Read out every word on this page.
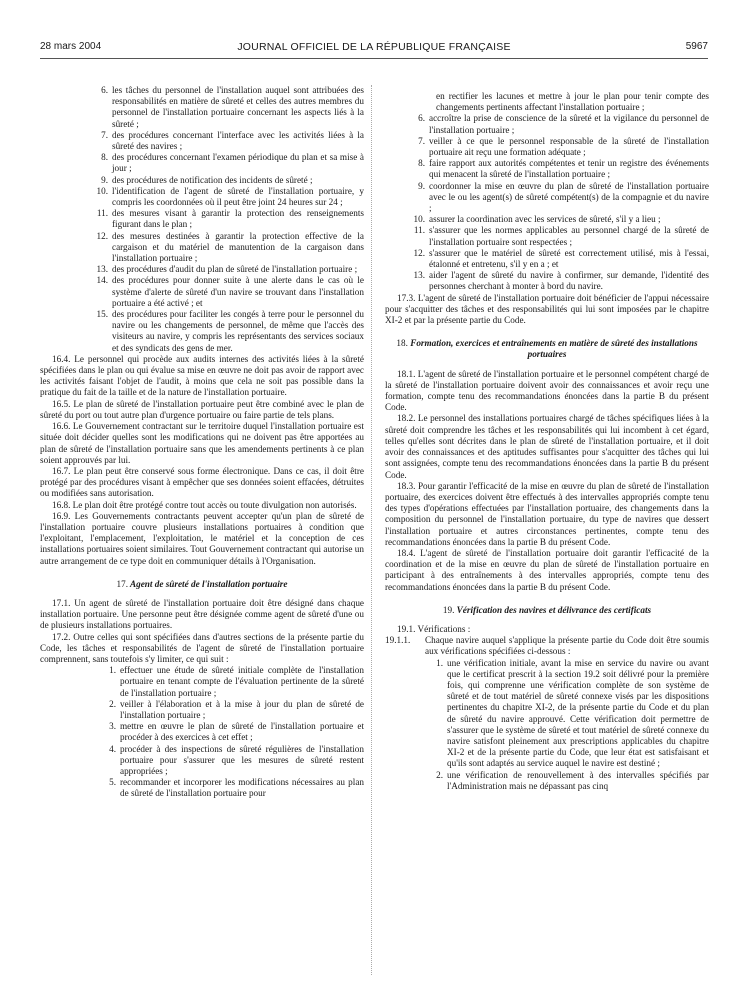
28 mars 2004	JOURNAL OFFICIEL DE LA RÉPUBLIQUE FRANÇAISE	5967
6. les tâches du personnel de l'installation auquel sont attribuées des responsabilités en matière de sûreté et celles des autres membres du personnel de l'installation portuaire concernant les aspects liés à la sûreté ;
7. des procédures concernant l'interface avec les activités liées à la sûreté des navires ;
8. des procédures concernant l'examen périodique du plan et sa mise à jour ;
9. des procédures de notification des incidents de sûreté ;
10. l'identification de l'agent de sûreté de l'installation portuaire, y compris les coordonnées où il peut être joint 24 heures sur 24 ;
11. des mesures visant à garantir la protection des renseignements figurant dans le plan ;
12. des mesures destinées à garantir la protection effective de la cargaison et du matériel de manutention de la cargaison dans l'installation portuaire ;
13. des procédures d'audit du plan de sûreté de l'installation portuaire ;
14. des procédures pour donner suite à une alerte dans le cas où le système d'alerte de sûreté d'un navire se trouvant dans l'installation portuaire a été activé ; et
15. des procédures pour faciliter les congés à terre pour le personnel du navire ou les changements de personnel, de même que l'accès des visiteurs au navire, y compris les représentants des services sociaux et des syndicats des gens de mer.

16.4. Le personnel qui procède aux audits internes des activités liées à la sûreté spécifiées dans le plan ou qui évalue sa mise en œuvre ne doit pas avoir de rapport avec les activités faisant l'objet de l'audit, à moins que cela ne soit pas possible dans la pratique du fait de la taille et de la nature de l'installation portuaire.

16.5. Le plan de sûreté de l'installation portuaire peut être combiné avec le plan de sûreté du port ou tout autre plan d'urgence portuaire ou faire partie de tels plans.

16.6. Le Gouvernement contractant sur le territoire duquel l'installation portuaire est située doit décider quelles sont les modifications qui ne doivent pas être apportées au plan de sûreté de l'installation portuaire sans que les amendements pertinents à ce plan soient approuvés par lui.

16.7. Le plan peut être conservé sous forme électronique. Dans ce cas, il doit être protégé par des procédures visant à empêcher que ses données soient effacées, détruites ou modifiées sans autorisation.

16.8. Le plan doit être protégé contre tout accès ou toute divulgation non autorisés.

16.9. Les Gouvernements contractants peuvent accepter qu'un plan de sûreté de l'installation portuaire couvre plusieurs installations portuaires à condition que l'exploitant, l'emplacement, l'exploitation, le matériel et la conception de ces installations portuaires soient similaires. Tout Gouvernement contractant qui autorise un autre arrangement de ce type doit en communiquer détails à l'Organisation.

17. Agent de sûreté de l'installation portuaire

17.1. Un agent de sûreté de l'installation portuaire doit être désigné dans chaque installation portuaire. Une personne peut être désignée comme agent de sûreté d'une ou de plusieurs installations portuaires.

17.2. Outre celles qui sont spécifiées dans d'autres sections de la présente partie du Code, les tâches et responsabilités de l'agent de sûreté de l'installation portuaire comprennent, sans toutefois s'y limiter, ce qui suit :

1. effectuer une étude de sûreté initiale complète de l'installation portuaire en tenant compte de l'évaluation pertinente de la sûreté de l'installation portuaire ;
2. veiller à l'élaboration et à la mise à jour du plan de sûreté de l'installation portuaire ;
3. mettre en œuvre le plan de sûreté de l'installation portuaire et procéder à des exercices à cet effet ;
4. procéder à des inspections de sûreté régulières de l'installation portuaire pour s'assurer que les mesures de sûreté restent appropriées ;
5. recommander et incorporer les modifications nécessaires au plan de sûreté de l'installation portuaire pour
en rectifier les lacunes et mettre à jour le plan pour tenir compte des changements pertinents affectant l'installation portuaire ;
6. accroître la prise de conscience de la sûreté et la vigilance du personnel de l'installation portuaire ;
7. veiller à ce que le personnel responsable de la sûreté de l'installation portuaire ait reçu une formation adéquate ;
8. faire rapport aux autorités compétentes et tenir un registre des événements qui menacent la sûreté de l'installation portuaire ;
9. coordonner la mise en œuvre du plan de sûreté de l'installation portuaire avec le ou les agent(s) de sûreté compétent(s) de la compagnie et du navire ;
10. assurer la coordination avec les services de sûreté, s'il y a lieu ;
11. s'assurer que les normes applicables au personnel chargé de la sûreté de l'installation portuaire sont respectées ;
12. s'assurer que le matériel de sûreté est correctement utilisé, mis à l'essai, étalonné et entretenu, s'il y en a ; et
13. aider l'agent de sûreté du navire à confirmer, sur demande, l'identité des personnes cherchant à monter à bord du navire.

17.3. L'agent de sûreté de l'installation portuaire doit bénéficier de l'appui nécessaire pour s'acquitter des tâches et des responsabilités qui lui sont imposées par le chapitre XI-2 et par la présente partie du Code.

18. Formation, exercices et entraînements en matière de sûreté des installations portuaires

18.1. L'agent de sûreté de l'installation portuaire et le personnel compétent chargé de la sûreté de l'installation portuaire doivent avoir des connaissances et avoir reçu une formation, compte tenu des recommandations énoncées dans la partie B du présent Code.

18.2. Le personnel des installations portuaires chargé de tâches spécifiques liées à la sûreté doit comprendre les tâches et les responsabilités qui lui incombent à cet égard, telles qu'elles sont décrites dans le plan de sûreté de l'installation portuaire, et il doit avoir des connaissances et des aptitudes suffisantes pour s'acquitter des tâches qui lui sont assignées, compte tenu des recommandations énoncées dans la partie B du présent Code.

18.3. Pour garantir l'efficacité de la mise en œuvre du plan de sûreté de l'installation portuaire, des exercices doivent être effectués à des intervalles appropriés compte tenu des types d'opérations effectuées par l'installation portuaire, des changements dans la composition du personnel de l'installation portuaire, du type de navires que dessert l'installation portuaire et autres circonstances pertinentes, compte tenu des recommandations énoncées dans la partie B du présent Code.

18.4. L'agent de sûreté de l'installation portuaire doit garantir l'efficacité de la coordination et de la mise en œuvre du plan de sûreté de l'installation portuaire en participant à des entraînements à des intervalles appropriés, compte tenu des recommandations énoncées dans la partie B du présent Code.

19. Vérification des navires et délivrance des certificats

19.1. Vérifications :

19.1.1.	Chaque navire auquel s'applique la présente partie du Code doit être soumis aux vérifications spécifiées ci-dessous :
1. une vérification initiale, avant la mise en service du navire ou avant que le certificat prescrit à la section 19.2 soit délivré pour la première fois, qui comprenne une vérification complète de son système de sûreté et de tout matériel de sûreté connexe visés par les dispositions pertinentes du chapitre XI-2, de la présente partie du Code et du plan de sûreté du navire approuvé. Cette vérification doit permettre de s'assurer que le système de sûreté et tout matériel de sûreté connexe du navire satisfont pleinement aux prescriptions applicables du chapitre XI-2 et de la présente partie du Code, que leur état est satisfaisant et qu'ils sont adaptés au service auquel le navire est destiné ;
2. une vérification de renouvellement à des intervalles spécifiés par l'Administration mais ne dépassant pas cinq
